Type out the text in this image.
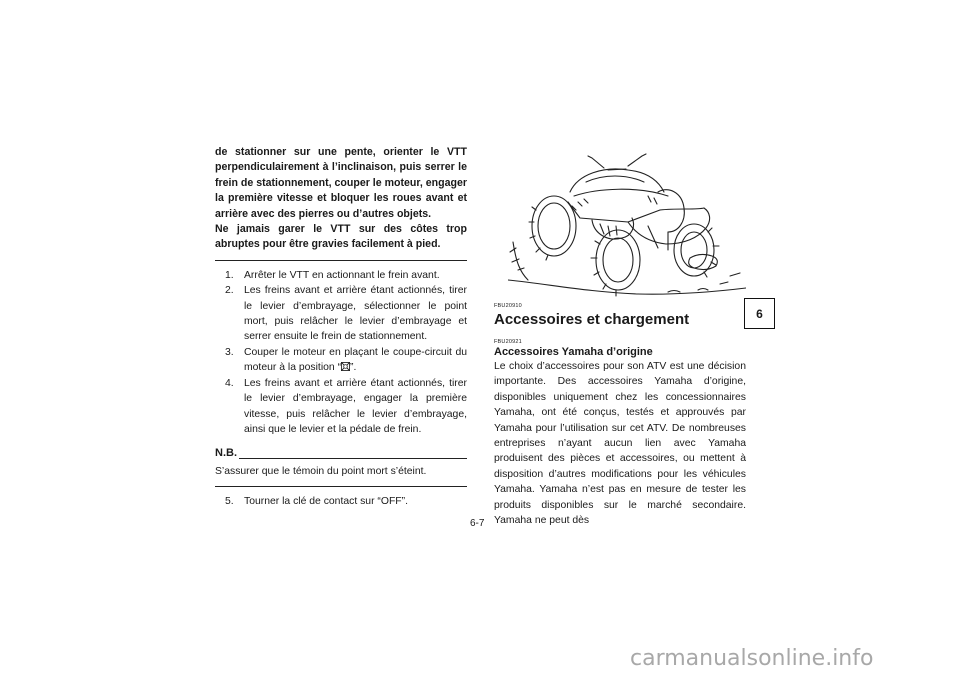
de stationner sur une pente, orienter le VTT perpendiculairement à l’inclinaison, puis serrer le frein de stationnement, couper le moteur, engager la première vitesse et bloquer les roues avant et arrière avec des pierres ou d’autres objets.
Ne jamais garer le VTT sur des côtes trop abruptes pour être gravies facilement à pied.
1. Arrêter le VTT en actionnant le frein avant.
2. Les freins avant et arrière étant actionnés, tirer le levier d’embrayage, sélectionner le point mort, puis relâcher le levier d’embrayage et serrer ensuite le frein de stationnement.
3. Couper le moteur en plaçant le coupe-circuit du moteur à la position “ ”.
4. Les freins avant et arrière étant actionnés, tirer le levier d’embrayage, engager la première vitesse, puis relâcher le levier d’embrayage, ainsi que le levier et la pédale de frein.
N.B.
S’assurer que le témoin du point mort s’éteint.
5. Tourner la clé de contact sur “OFF”.
FBU20910
Accessoires et chargement
FBU20921
Accessoires Yamaha d’origine
Le choix d’accessoires pour son ATV est une décision importante. Des accessoires Yamaha d’origine, disponibles uniquement chez les concessionnaires Yamaha, ont été conçus, testés et approuvés par Yamaha pour l’utilisation sur cet ATV. De nombreuses entreprises n’ayant aucun lien avec Yamaha produisent des pièces et accessoires, ou mettent à disposition d’autres modifications pour les véhicules Yamaha. Yamaha n’est pas en mesure de tester les produits disponibles sur le marché secondaire. Yamaha ne peut dès
6
6-7
carmanualsonline.info
